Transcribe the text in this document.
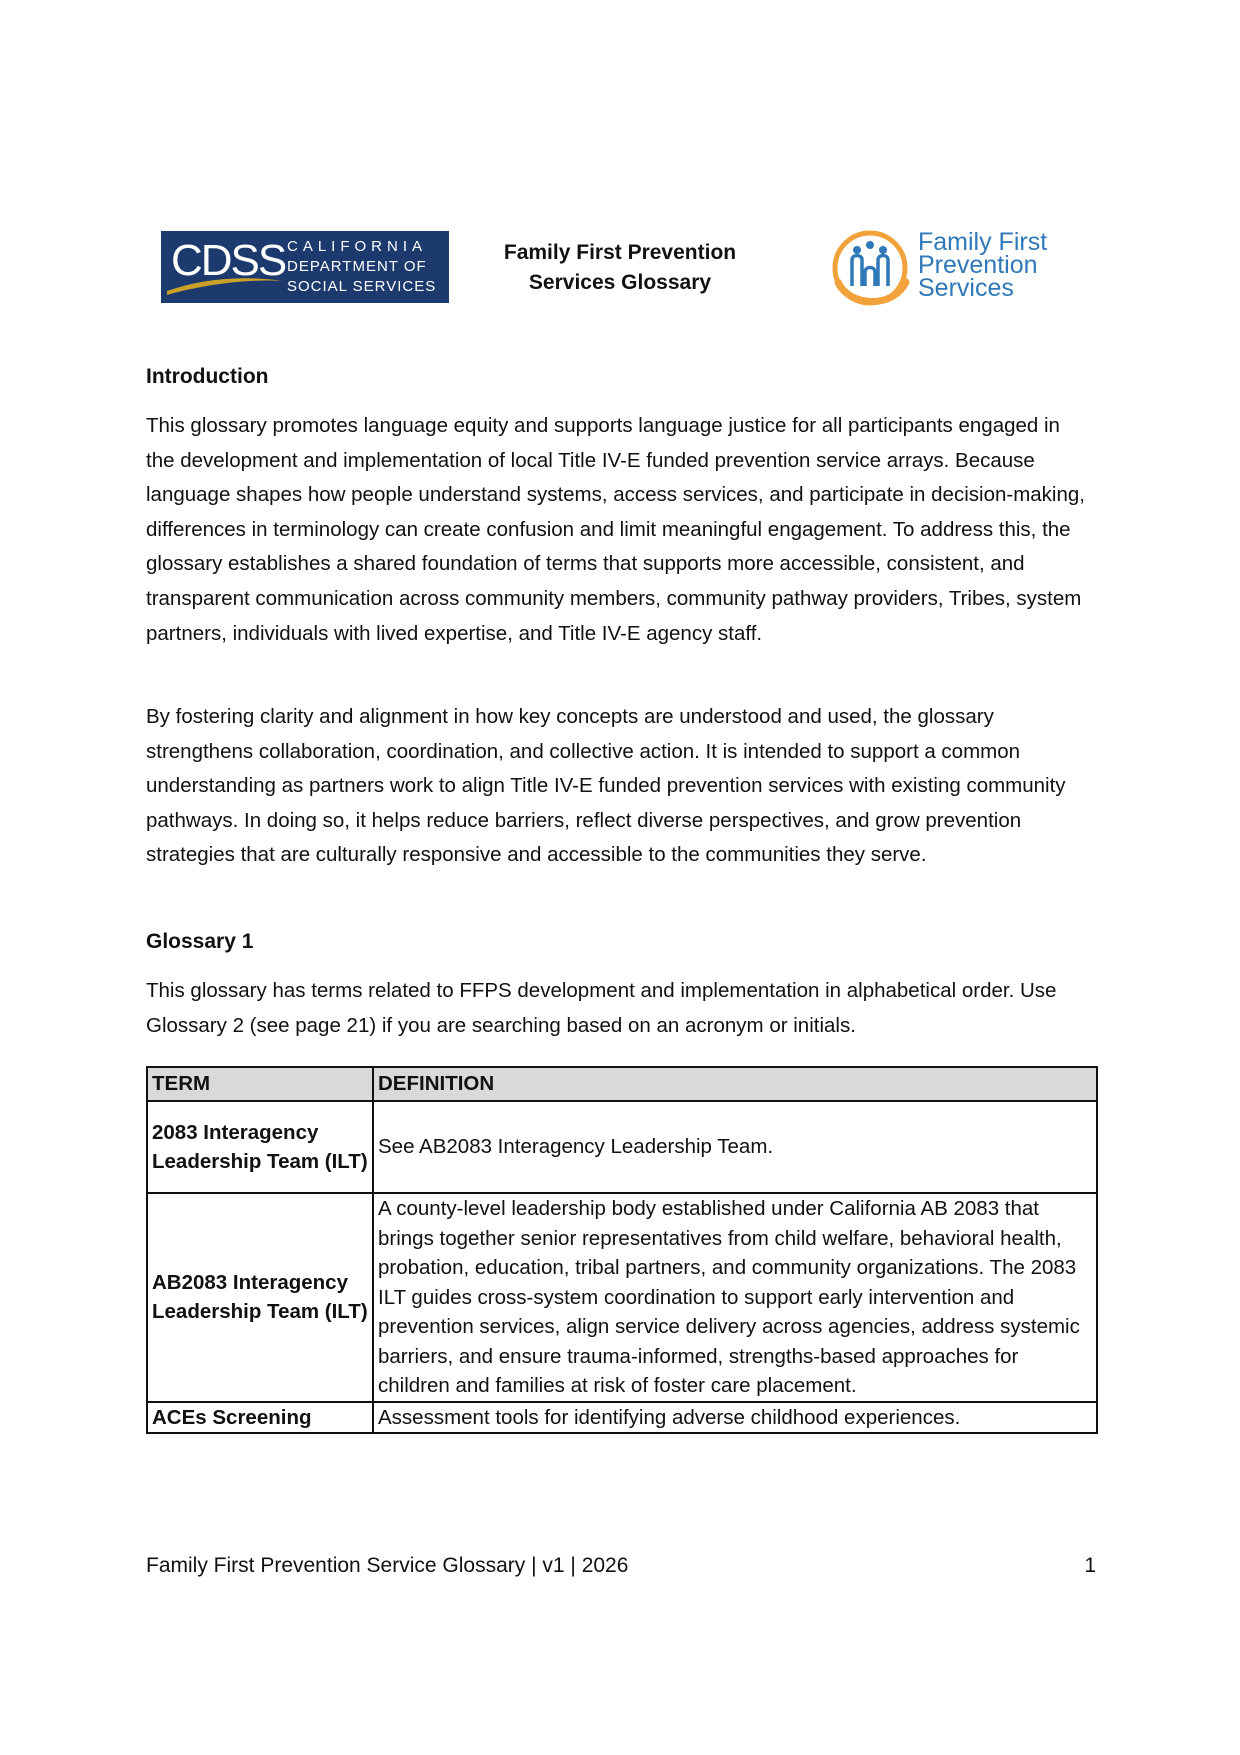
CDSS CALIFORNIA
DEPARTMENT OF
SOCIAL SERVICES
Family First Prevention
Services Glossary
Family First
Prevention
Services
Introduction
This glossary promotes language equity and supports language justice for all participants engaged in the development and implementation of local Title IV-E funded prevention service arrays. Because language shapes how people understand systems, access services, and participate in decision-making, differences in terminology can create confusion and limit meaningful engagement. To address this, the glossary establishes a shared foundation of terms that supports more accessible, consistent, and transparent communication across community members, community pathway providers, Tribes, system partners, individuals with lived expertise, and Title IV-E agency staff.
By fostering clarity and alignment in how key concepts are understood and used, the glossary strengthens collaboration, coordination, and collective action. It is intended to support a common understanding as partners work to align Title IV-E funded prevention services with existing community pathways. In doing so, it helps reduce barriers, reflect diverse perspectives, and grow prevention strategies that are culturally responsive and accessible to the communities they serve.
Glossary 1
This glossary has terms related to FFPS development and implementation in alphabetical order. Use Glossary 2 (see page 21) if you are searching based on an acronym or initials.
TERM	DEFINITION
2083 Interagency Leadership Team (ILT)	See AB2083 Interagency Leadership Team.
AB2083 Interagency Leadership Team (ILT)	A county-level leadership body established under California AB 2083 that brings together senior representatives from child welfare, behavioral health, probation, education, tribal partners, and community organizations. The 2083 ILT guides cross-system coordination to support early intervention and prevention services, align service delivery across agencies, address systemic barriers, and ensure trauma-informed, strengths-based approaches for children and families at risk of foster care placement.
ACEs Screening	Assessment tools for identifying adverse childhood experiences.
Family First Prevention Service Glossary | v1 | 2026	1
